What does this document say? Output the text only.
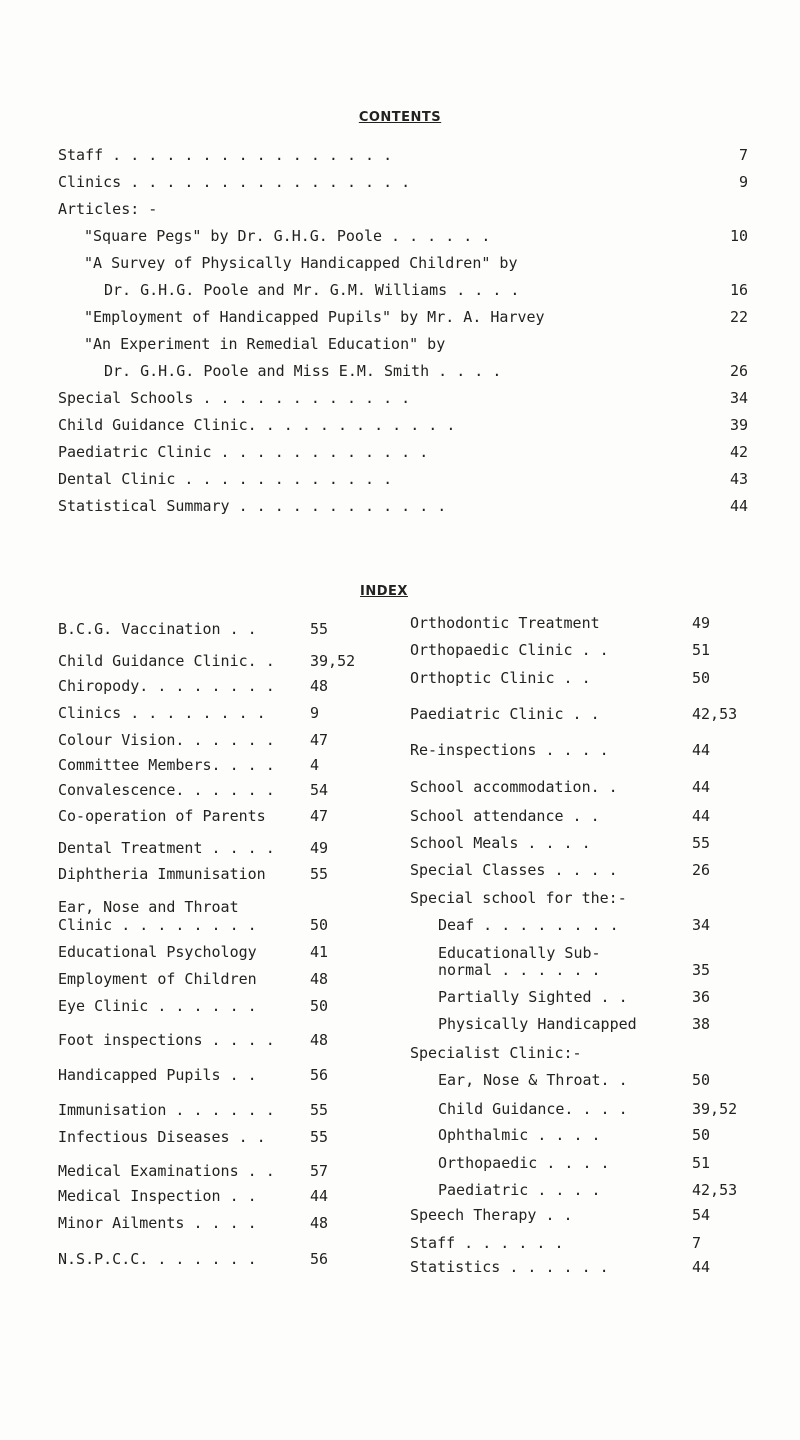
CONTENTS
Staff . . . . . . . . . . . . . . . .	7
Clinics . . . . . . . . . . . . . . . .	9
Articles: -
"Square Pegs" by Dr. G.H.G. Poole . . . . . .	10
"A Survey of Physically Handicapped Children" by
Dr. G.H.G. Poole and Mr. G.M. Williams . . . .	16
"Employment of Handicapped Pupils" by Mr. A. Harvey	22
"An Experiment in Remedial Education" by
Dr. G.H.G. Poole and Miss E.M. Smith . . . .	26
Special Schools . . . . . . . . . . . .	34
Child Guidance Clinic. . . . . . . . . . . .	39
Paediatric Clinic . . . . . . . . . . . .	42
Dental Clinic . . . . . . . . . . . .	43
Statistical Summary . . . . . . . . . . . .	44
INDEX
B.C.G. Vaccination . .	55
Child Guidance Clinic. . 39,52
Chiropody. . . . . . . . 48
Clinics . . . . . . . .	9
Colour Vision. . . . . . 47
Committee Members. . . . 4
Convalescence. . . . . . 54
Co-operation of Parents	47
Dental Treatment . . . . 49
Diphtheria Immunisation	55
Ear, Nose and Throat
Clinic . . . . . . . .	50
Educational Psychology	41
Employment of Children	48
Eye Clinic . . . . . .	50
Foot inspections . . . . 48
Handicapped Pupils . .	56
Immunisation . . . . . . 55
Infectious Diseases . .	55
Medical Examinations . . 57
Medical Inspection . .	44
Minor Ailments . . . .	48
N.S.P.C.C. . . . . . .	56
Orthodontic Treatment	49
Orthopaedic Clinic . .	51
Orthoptic Clinic . .	50
Paediatric Clinic . .	42,53
Re-inspections . . . .	44
School accommodation. .	44
School attendance . .	44
School Meals . . . .	55
Special Classes . . . .	26
Special school for the:-
Deaf . . . . . . . .	34
Educationally Sub-
normal . . . . . .	35
Partially Sighted . .	36
Physically Handicapped	38
Specialist Clinic:-
Ear, Nose & Throat. .	50
Child Guidance. . . .	39,52
Ophthalmic . . . .	50
Orthopaedic . . . .	51
Paediatric . . . .	42,53
Speech Therapy . .	54
Staff . . . . . .	7
Statistics . . . . . .	44
